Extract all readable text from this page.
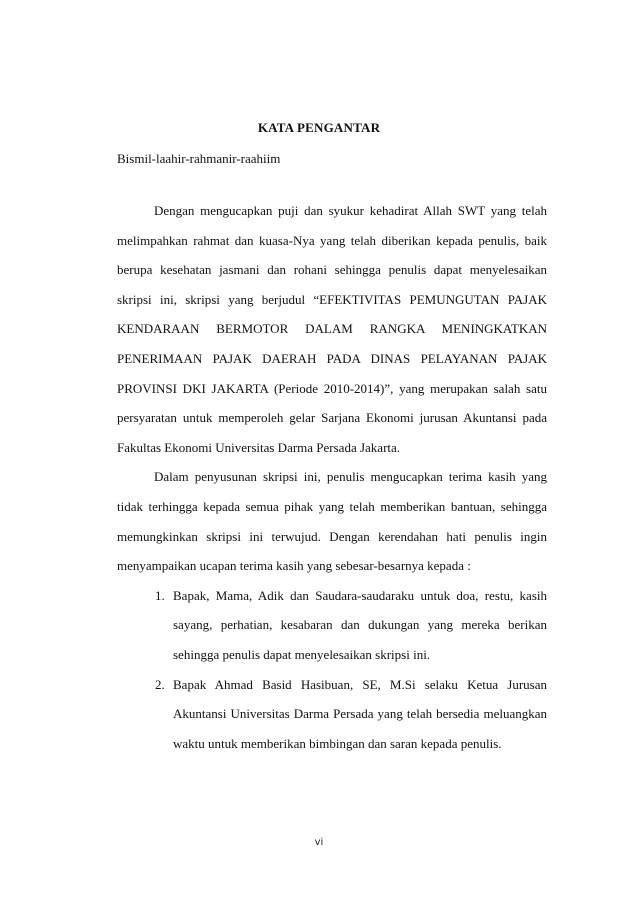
KATA PENGANTAR
Bismil-laahir-rahmanir-raahiim

Dengan mengucapkan puji dan syukur kehadirat Allah SWT yang telah melimpahkan rahmat dan kuasa-Nya yang telah diberikan kepada penulis, baik berupa kesehatan jasmani dan rohani sehingga penulis dapat menyelesaikan skripsi ini, skripsi yang berjudul “EFEKTIVITAS PEMUNGUTAN PAJAK KENDARAAN BERMOTOR DALAM RANGKA MENINGKATKAN PENERIMAAN PAJAK DAERAH PADA DINAS PELAYANAN PAJAK PROVINSI DKI JAKARTA (Periode 2010-2014)”, yang merupakan salah satu persyaratan untuk memperoleh gelar Sarjana Ekonomi jurusan Akuntansi pada Fakultas Ekonomi Universitas Darma Persada Jakarta.

Dalam penyusunan skripsi ini, penulis mengucapkan terima kasih yang tidak terhingga kepada semua pihak yang telah memberikan bantuan, sehingga memungkinkan skripsi ini terwujud. Dengan kerendahan hati penulis ingin menyampaikan ucapan terima kasih yang sebesar-besarnya kepada :

1. Bapak, Mama, Adik dan Saudara-saudaraku untuk doa, restu, kasih sayang, perhatian, kesabaran dan dukungan yang mereka berikan sehingga penulis dapat menyelesaikan skripsi ini.
2. Bapak Ahmad Basid Hasibuan, SE, M.Si selaku Ketua Jurusan Akuntansi Universitas Darma Persada yang telah bersedia meluangkan waktu untuk memberikan bimbingan dan saran kepada penulis.
vi
